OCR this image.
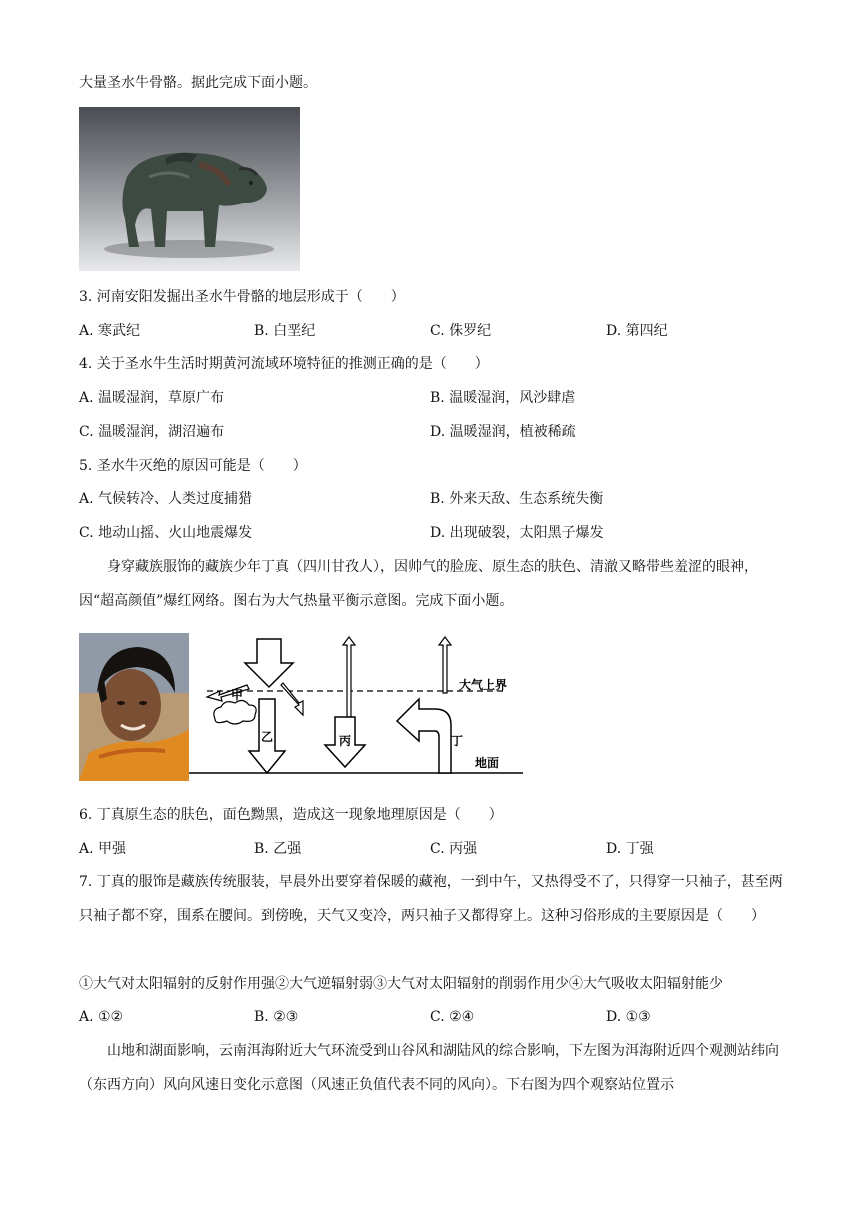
大量圣水牛骨骼。据此完成下面小题。
3. 河南安阳发掘出圣水牛骨骼的地层形成于（　　）
A. 寒武纪	B. 白垩纪	C. 侏罗纪	D. 第四纪
4. 关于圣水牛生活时期黄河流域环境特征的推测正确的是（　　）
A. 温暖湿润，草原广布	B. 温暖湿润，风沙肆虐
C. 温暖湿润，湖沼遍布	D. 温暖湿润，植被稀疏
5. 圣水牛灭绝的原因可能是（　　）
A. 气候转冷、人类过度捕猎	B. 外来天敌、生态系统失衡
C. 地动山摇、火山地震爆发	D. 出现破裂，太阳黑子爆发
身穿藏族服饰的藏族少年丁真（四川甘孜人），因帅气的脸庞、原生态的肤色、清澈又略带些羞涩的眼神，因“超高颜值”爆红网络。图右为大气热量平衡示意图。完成下面小题。
大气上界
地面
甲
乙	丙	丁
6. 丁真原生态的肤色，面色黝黑，造成这一现象地理原因是（　　）
A. 甲强	B. 乙强	C. 丙强	D. 丁强
7. 丁真的服饰是藏族传统服装，早晨外出要穿着保暖的藏袍，一到中午，又热得受不了，只得穿一只袖子，甚至两只袖子都不穿，围系在腰间。到傍晚，天气又变冷，两只袖子又都得穿上。这种习俗形成的主要原因是（　　）
①大气对太阳辐射的反射作用强②大气逆辐射弱③大气对太阳辐射的削弱作用少④大气吸收太阳辐射能少
A. ①②	B. ②③	C. ②④	D. ①③
山地和湖面影响，云南洱海附近大气环流受到山谷风和湖陆风的综合影响，下左图为洱海附近四个观测站纬向（东西方向）风向风速日变化示意图（风速正负值代表不同的风向）。下右图为四个观察站位置示
